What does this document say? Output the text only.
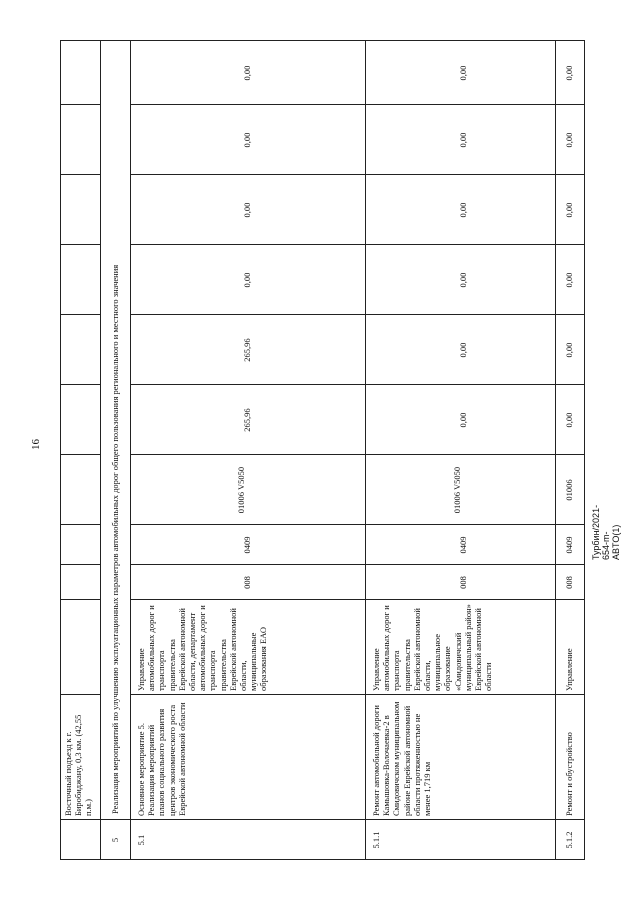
16
Турбин/2021-654-m-ABTO(1)
Восточный подъезд к г. Биробиджану, 0,3 км. (42,55 п.м.)
5
Реализация мероприятий по улучшению эксплуатационных параметров автомобильных дорог общего пользования регионального и местного значения
5.1
Основное мероприятие 5. Реализация мероприятий планов социального развития центров экономического роста Еврейской автономной области
Управление автомобильных дорог и транспорта правительства Еврейской автономной области, департамент автомобильных дорог и транспорта правительства Еврейской автономной области, муниципальные образования ЕАО
008
0409
01006 V5050
265,96
265,96
0,00
0,00
0,00
0,00
5.1.1
Ремонт автомобильной дороги Камышовка-Волочаевка-2 в Смидовичском муниципальном районе Еврейской автономной области протяженностью не менее 1,719 км
Управление автомобильных дорог и транспорта правительства Еврейской автономной области, муниципальное образование «Смидовичский муниципальный район» Еврейской автономной области
008
0409
01006 V5050
0,00
0,00
0,00
0,00
0,00
0,00
5.1.2
Ремонт и обустройство
Управление
008
0409
01006
0,00
0,00
0,00
0,00
0,00
0,00
